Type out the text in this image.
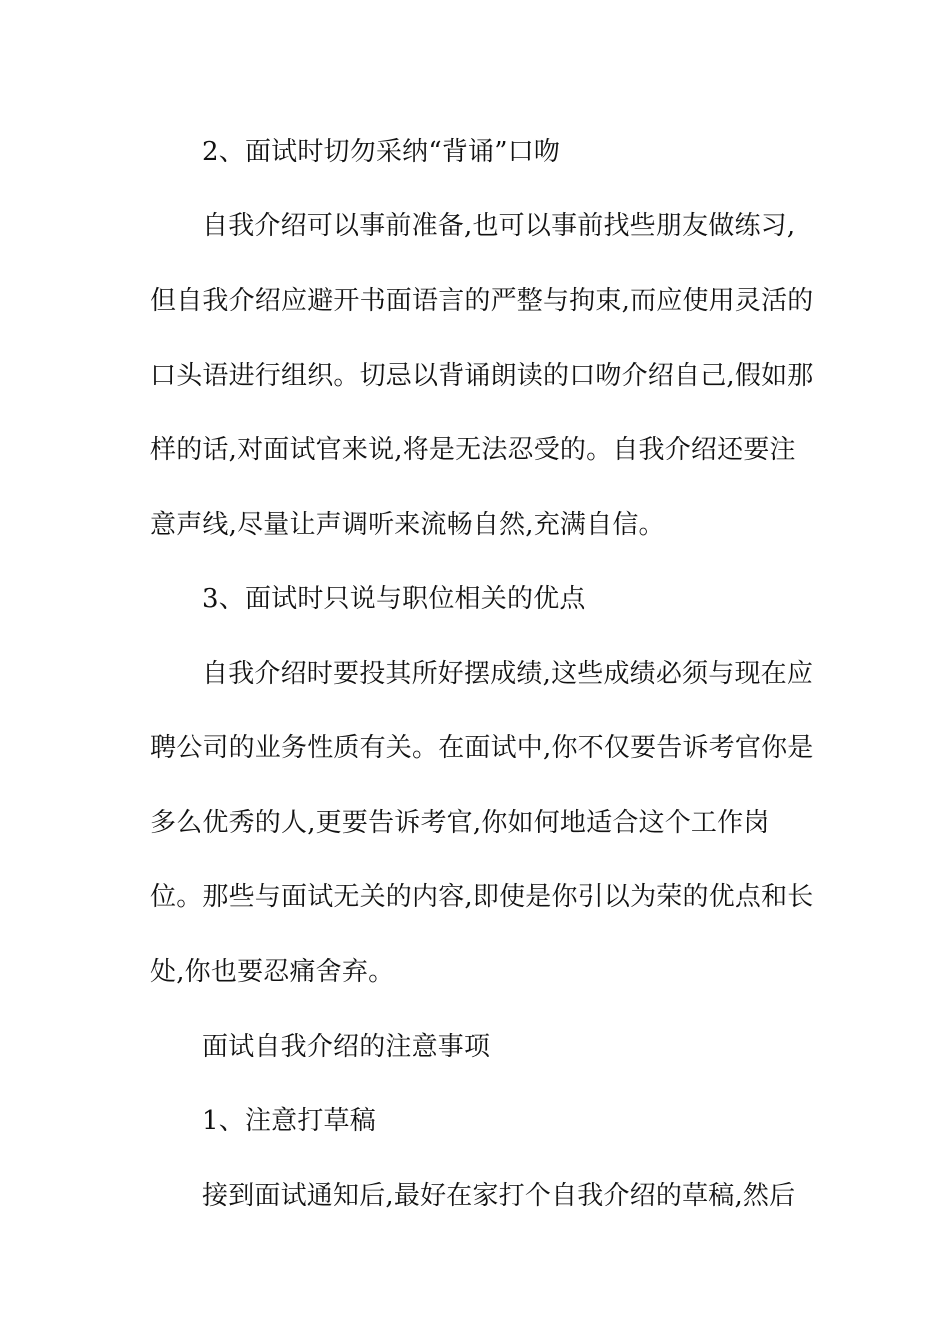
2、面试时切勿采纳“背诵”口吻
自我介绍可以事前准备,也可以事前找些朋友做练习,
但自我介绍应避开书面语言的严整与拘束,而应使用灵活的
口头语进行组织。切忌以背诵朗读的口吻介绍自己,假如那
样的话,对面试官来说,将是无法忍受的。自我介绍还要注
意声线,尽量让声调听来流畅自然,充满自信。
3、面试时只说与职位相关的优点
自我介绍时要投其所好摆成绩,这些成绩必须与现在应
聘公司的业务性质有关。在面试中,你不仅要告诉考官你是
多么优秀的人,更要告诉考官,你如何地适合这个工作岗
位。那些与面试无关的内容,即使是你引以为荣的优点和长
处,你也要忍痛舍弃。
面试自我介绍的注意事项
1、注意打草稿
接到面试通知后,最好在家打个自我介绍的草稿,然后
